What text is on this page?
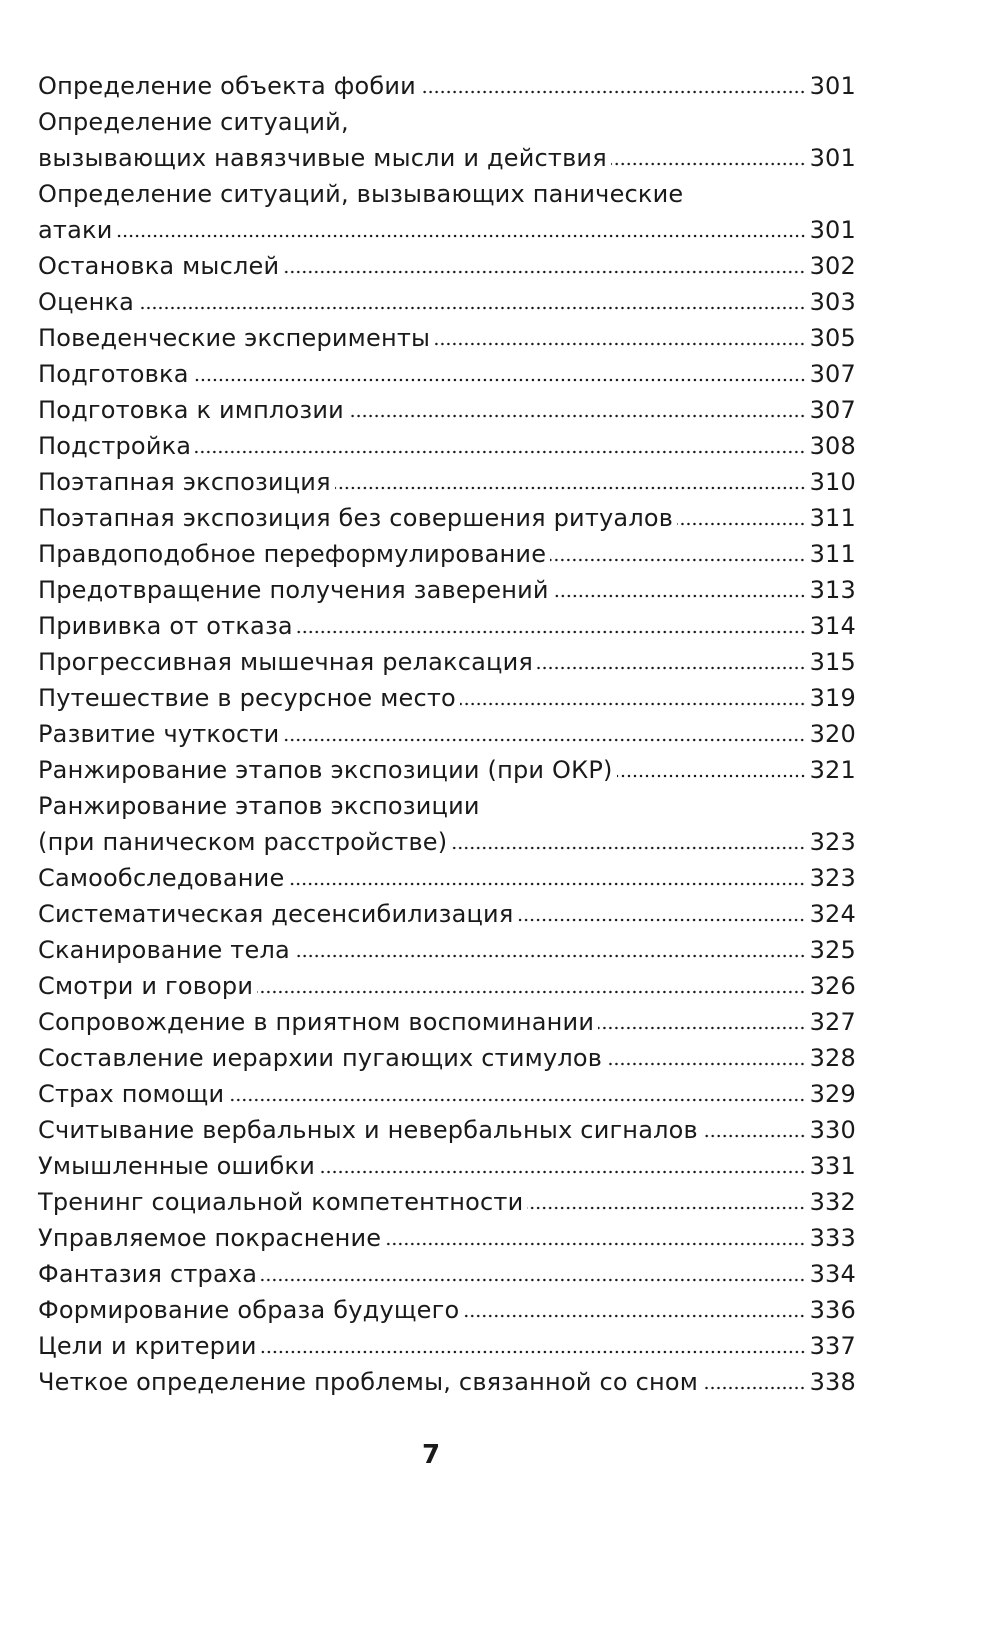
Определение объекта фобии	301
Определение ситуаций,
вызывающих навязчивые мысли и действия	301
Определение ситуаций, вызывающих панические
атаки	301
Остановка мыслей	302
Оценка	303
Поведенческие эксперименты	305
Подготовка	307
Подготовка к имплозии	307
Подстройка	308
Поэтапная экспозиция	310
Поэтапная экспозиция без совершения ритуалов	311
Правдоподобное переформулирование	311
Предотвращение получения заверений	313
Прививка от отказа	314
Прогрессивная мышечная релаксация	315
Путешествие в ресурсное место	319
Развитие чуткости	320
Ранжирование этапов экспозиции (при ОКР)	321
Ранжирование этапов экспозиции
(при паническом расстройстве)	323
Самообследование	323
Систематическая десенсибилизация	324
Сканирование тела	325
Смотри и говори	326
Сопровождение в приятном воспоминании	327
Составление иерархии пугающих стимулов	328
Страх помощи	329
Считывание вербальных и невербальных сигналов	330
Умышленные ошибки	331
Тренинг социальной компетентности	332
Управляемое покраснение	333
Фантазия страха	334
Формирование образа будущего	336
Цели и критерии	337
Четкое определение проблемы, связанной со сном	338
7
